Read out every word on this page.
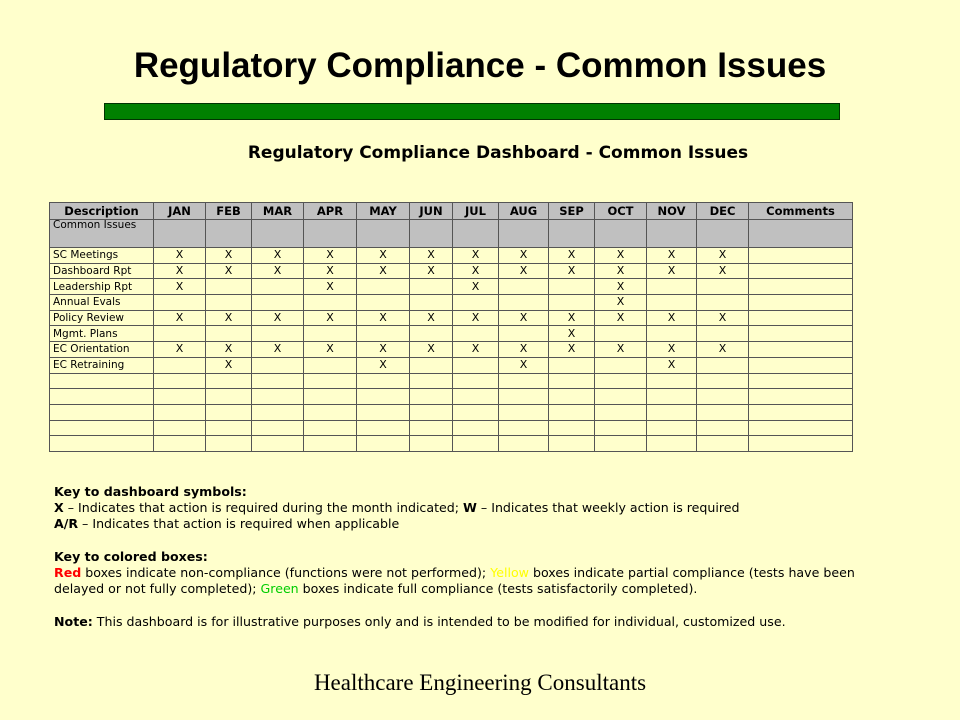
Regulatory Compliance - Common Issues
Regulatory Compliance Dashboard - Common Issues
Description	JAN	FEB	MAR	APR	MAY	JUN	JUL	AUG	SEP	OCT	NOV	DEC	Comments
Common Issues													
SC Meetings	X	X	X	X	X	X	X	X	X	X	X	X	
Dashboard Rpt	X	X	X	X	X	X	X	X	X	X	X	X	
Leadership Rpt	X			X			X			X			
Annual Evals										X			
Policy Review	X	X	X	X	X	X	X	X	X	X	X	X	
Mgmt. Plans									X				
EC Orientation	X	X	X	X	X	X	X	X	X	X	X	X	
EC Retraining		X			X			X			X		

Key to dashboard symbols:
X – Indicates that action is required during the month indicated; W – Indicates that weekly action is required
A/R – Indicates that action is required when applicable
Key to colored boxes:
Red boxes indicate non-compliance (functions were not performed); Yellow boxes indicate partial compliance (tests have been
delayed or not fully completed); Green boxes indicate full compliance (tests satisfactorily completed).
Note: This dashboard is for illustrative purposes only and is intended to be modified for individual, customized use.
Healthcare Engineering Consultants
